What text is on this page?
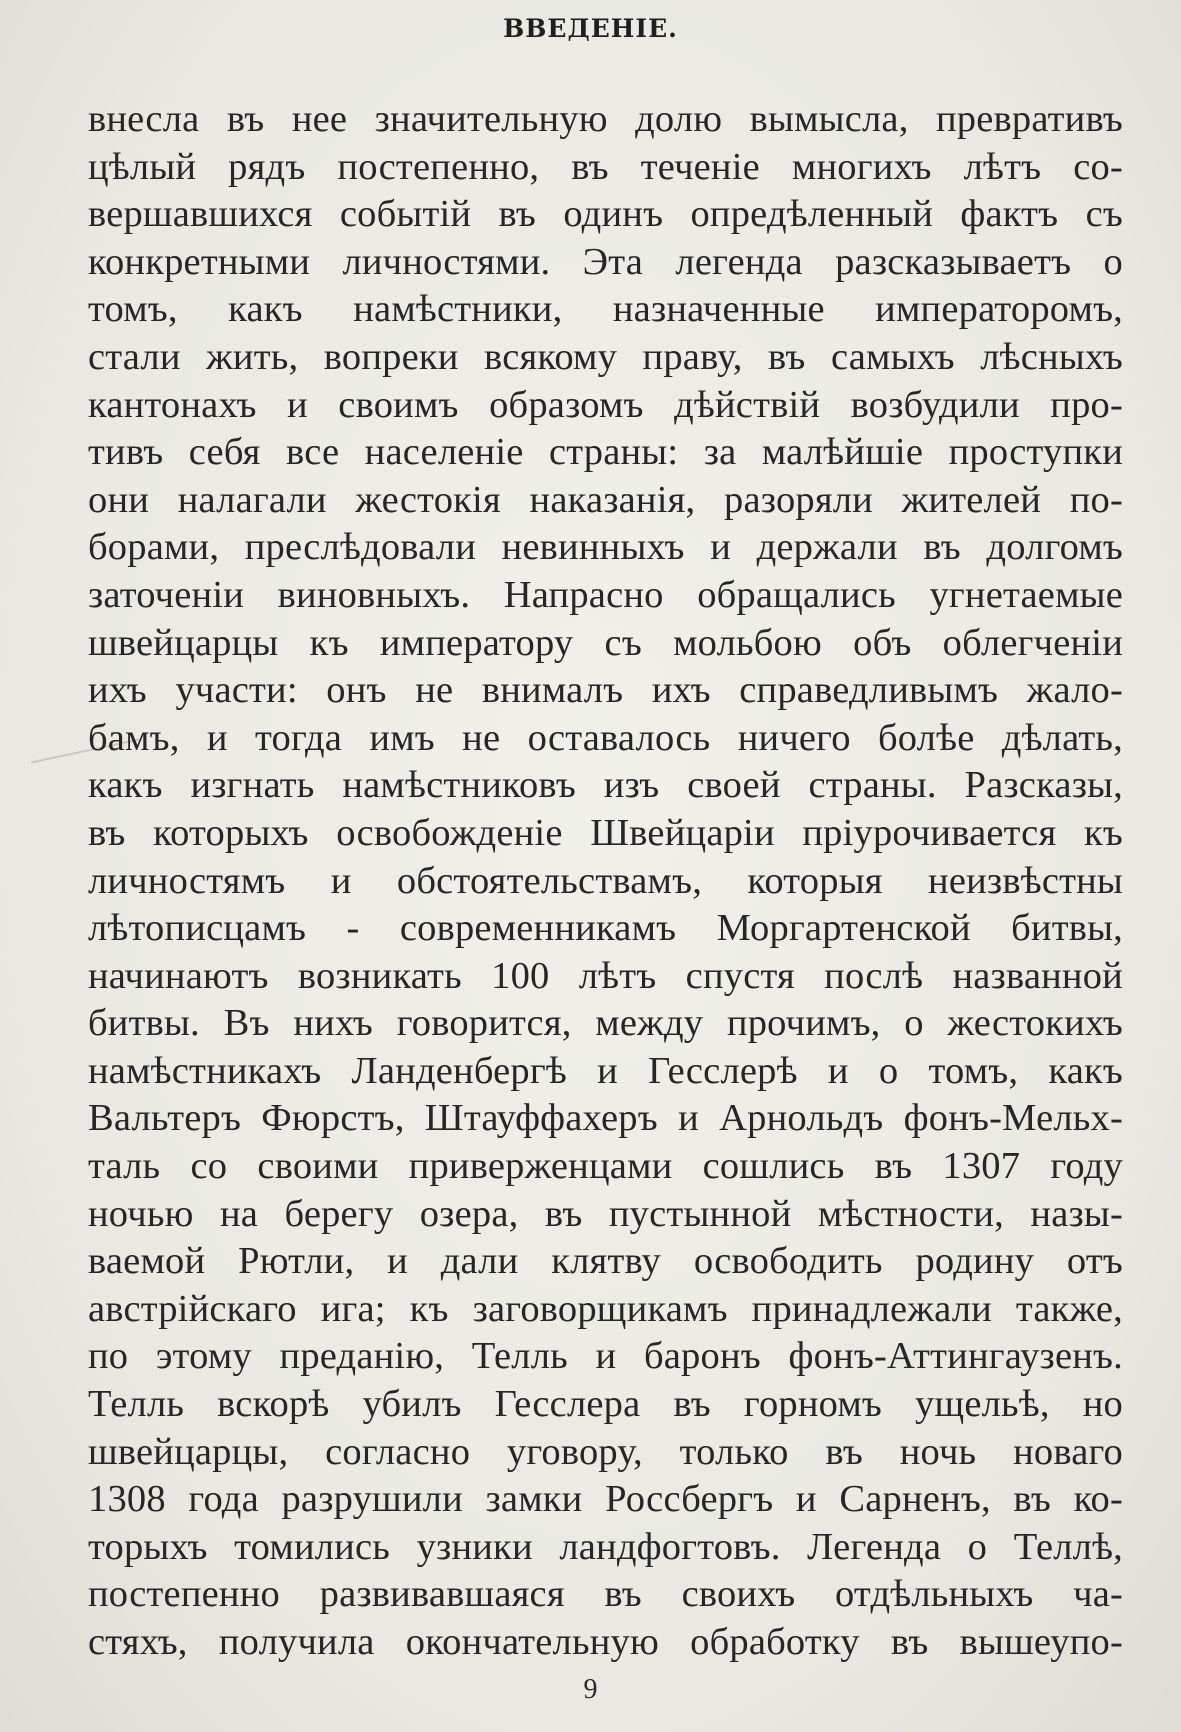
ВВЕДЕНІЕ.
внесла въ нее значительную долю вымысла, превративъ
цѣлый рядъ постепенно, въ теченіе многихъ лѣтъ со-
вершавшихся событій въ одинъ опредѣленный фактъ съ
конкретными личностями. Эта легенда разсказываетъ о
томъ, какъ намѣстники, назначенные императоромъ,
стали жить, вопреки всякому праву, въ самыхъ лѣсныхъ
кантонахъ и своимъ образомъ дѣйствій возбудили про-
тивъ себя все населеніе страны: за малѣйшіе проступки
они налагали жестокія наказанія, разоряли жителей по-
борами, преслѣдовали невинныхъ и держали въ долгомъ
заточеніи виновныхъ. Напрасно обращались угнетаемые
швейцарцы къ императору съ мольбою объ облегченіи
ихъ участи: онъ не внималъ ихъ справедливымъ жало-
бамъ, и тогда имъ не оставалось ничего болѣе дѣлать,
какъ изгнать намѣстниковъ изъ своей страны. Разсказы,
въ которыхъ освобожденіе Швейцаріи пріурочивается къ
личностямъ и обстоятельствамъ, которыя неизвѣстны
лѣтописцамъ - современникамъ Моргартенской битвы,
начинаютъ возникать 100 лѣтъ спустя послѣ названной
битвы. Въ нихъ говорится, между прочимъ, о жестокихъ
намѣстникахъ Ланденбергѣ и Гесслерѣ и о томъ, какъ
Вальтеръ Фюрстъ, Штауффахеръ и Арнольдъ фонъ-Мельх-
таль со своими приверженцами сошлись въ 1307 году
ночью на берегу озера, въ пустынной мѣстности, назы-
ваемой Рютли, и дали клятву освободить родину отъ
австрійскаго ига; къ заговорщикамъ принадлежали также,
по этому преданію, Телль и баронъ фонъ-Аттингаузенъ.
Телль вскорѣ убилъ Гесслера въ горномъ ущельѣ, но
швейцарцы, согласно уговору, только въ ночь новаго
1308 года разрушили замки Россбергъ и Сарненъ, въ ко-
торыхъ томились узники ландфогтовъ. Легенда о Теллѣ,
постепенно развивавшаяся въ своихъ отдѣльныхъ ча-
стяхъ, получила окончательную обработку въ вышеупо-
9
